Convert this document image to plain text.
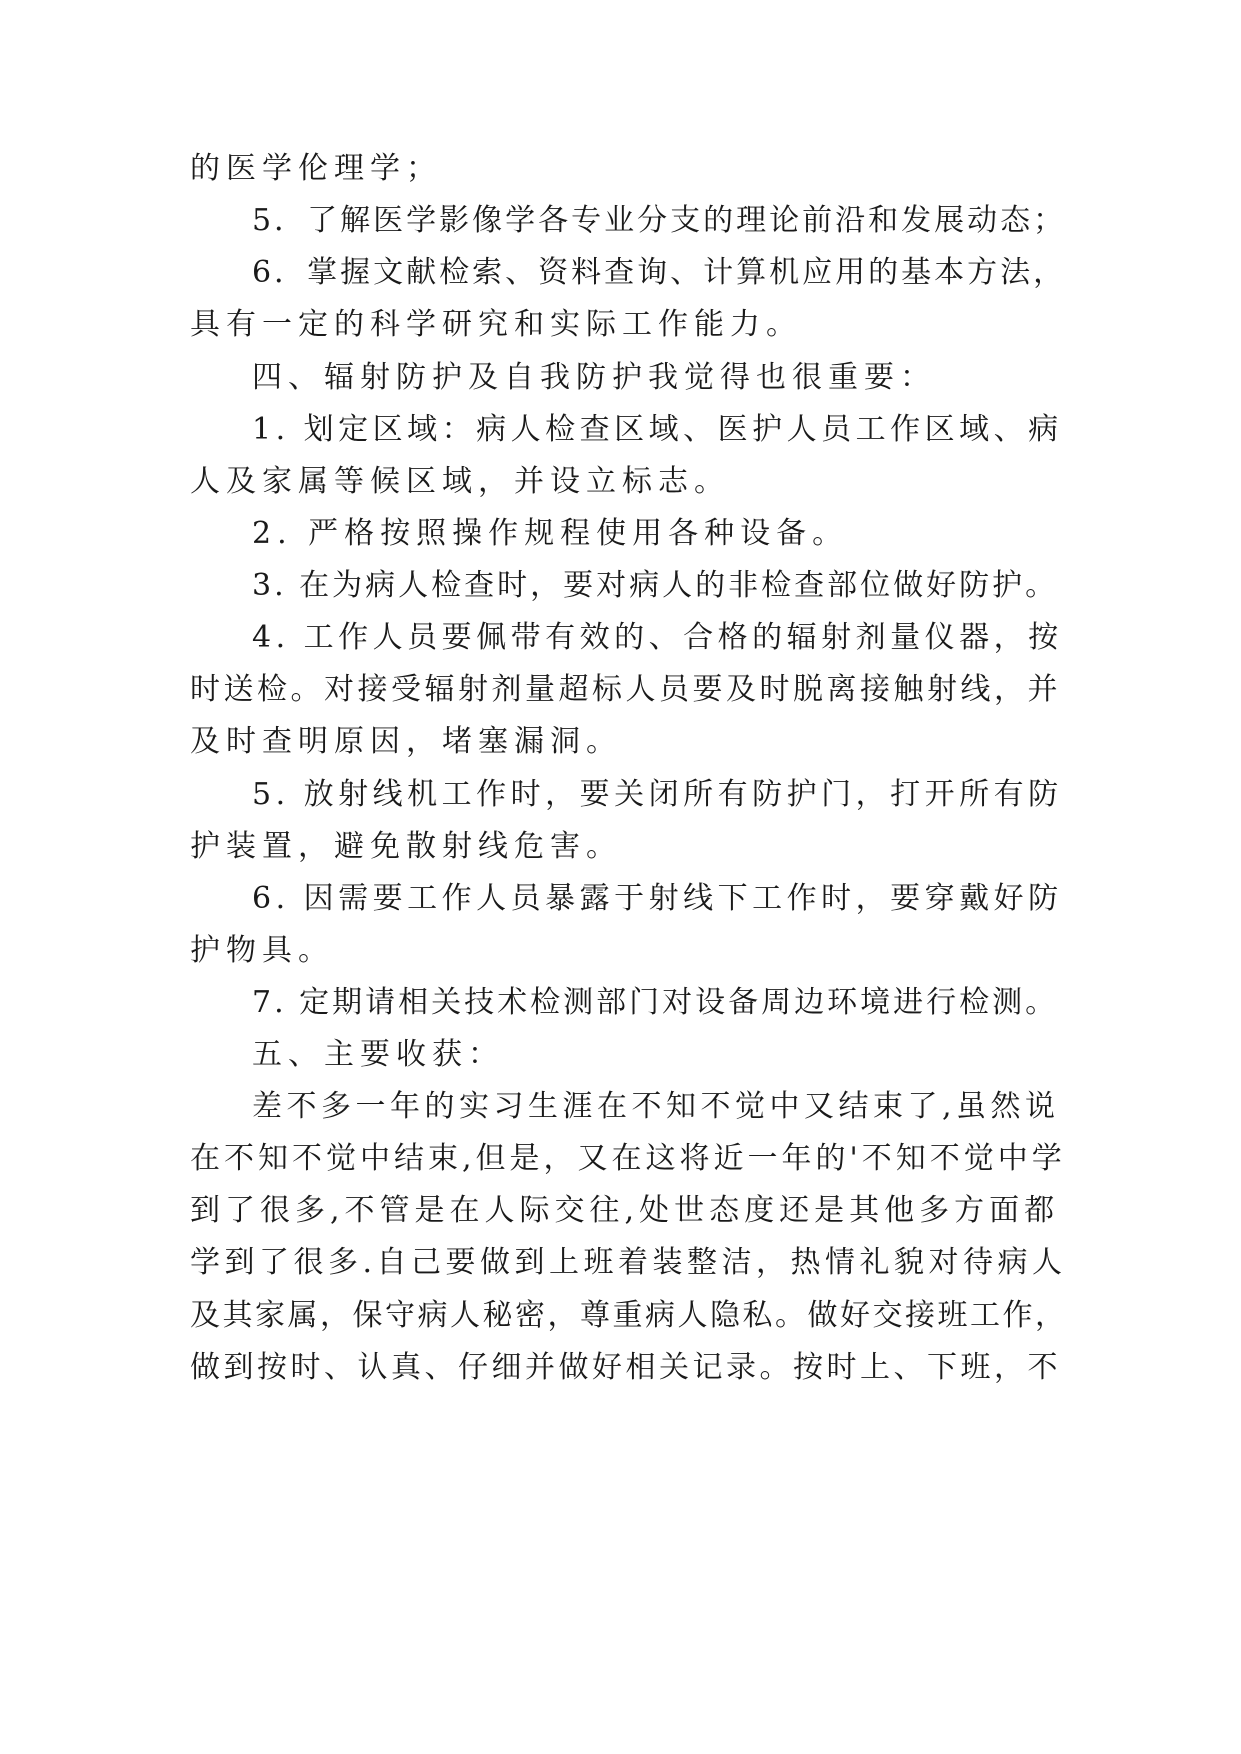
的医学伦理学；
5．了解医学影像学各专业分支的理论前沿和发展动态；
6．掌握文献检索、资料查询、计算机应用的基本方法，
具有一定的科学研究和实际工作能力。
四、辐射防护及自我防护我觉得也很重要：
1. 划定区域：病人检查区域、医护人员工作区域、病
人及家属等候区域，并设立标志。
2. 严格按照操作规程使用各种设备。
3. 在为病人检查时，要对病人的非检查部位做好防护。
4. 工作人员要佩带有效的、合格的辐射剂量仪器，按
时送检。对接受辐射剂量超标人员要及时脱离接触射线，并
及时查明原因，堵塞漏洞。
5. 放射线机工作时，要关闭所有防护门，打开所有防
护装置，避免散射线危害。
6. 因需要工作人员暴露于射线下工作时，要穿戴好防
护物具。
7. 定期请相关技术检测部门对设备周边环境进行检测。
五、主要收获：
差不多一年的实习生涯在不知不觉中又结束了,虽然说
在不知不觉中结束,但是，又在这将近一年的'不知不觉中学
到了很多,不管是在人际交往,处世态度还是其他多方面都
学到了很多.自己要做到上班着装整洁，热情礼貌对待病人
及其家属，保守病人秘密，尊重病人隐私。做好交接班工作，
做到按时、认真、仔细并做好相关记录。按时上、下班，不
